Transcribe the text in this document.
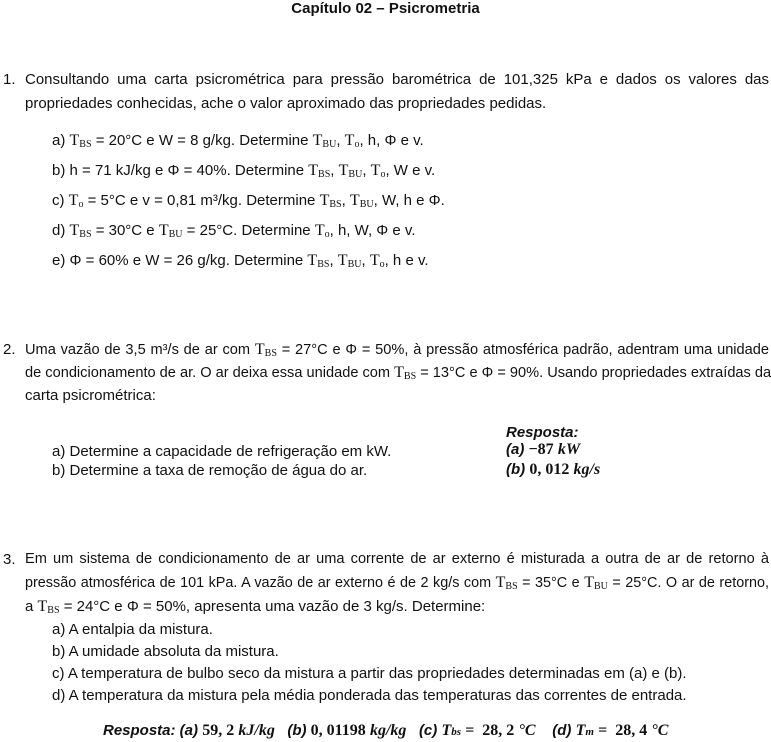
Capítulo 02 – Psicrometria
1. Consultando uma carta psicrométrica para pressão barométrica de 101,325 kPa e dados os valores das
propriedades conhecidas, ache o valor aproximado das propriedades pedidas.
a) $T_{BS} = 20^\circ C$ e W = 8 g/kg. Determine $T_{BU}$, $T_o$, h, Φ e v.
b) h = 71 kJ/kg e Φ = 40%. Determine $T_{BS}$, $T_{BU}$, $T_o$, W e v.
c) $T_o = 5^\circ C$ e v = 0,81 m³/kg. Determine $T_{BS}$, $T_{BU}$, W, h e Φ.
d) $T_{BS} = 30^\circ C$ e $T_{BU} = 25^\circ C$. Determine $T_o$, h, W, Φ e v.
e) Φ = 60% e W = 26 g/kg. Determine $T_{BS}$, $T_{BU}$, $T_o$, h e v.
2. Uma vazão de 3,5 m³/s de ar com $T_{BS} = 27^\circ C$ e Φ = 50%, à pressão atmosférica padrão, adentram uma unidade
de condicionamento de ar. O ar deixa essa unidade com $T_{BS} = 13^\circ C$ e Φ = 90%. Usando propriedades extraídas da
carta psicrométrica:
Resposta:
a) Determine a capacidade de refrigeração em kW.
b) Determine a taxa de remoção de água do ar.
(a) −87 kW
(b) 0, 012 kg/s
3. Em um sistema de condicionamento de ar uma corrente de ar externo é misturada a outra de ar de retorno à
pressão atmosférica de 101 kPa. A vazão de ar externo é de 2 kg/s com $T_{BS} = 35^\circ C$ e $T_{BU} = 25^\circ C$. O ar de retorno,
a $T_{BS} = 24^\circ C$ e Φ = 50%, apresenta uma vazão de 3 kg/s. Determine:
a) A entalpia da mistura.
b) A umidade absoluta da mistura.
c) A temperatura de bulbo seco da mistura a partir das propriedades determinadas em (a) e (b).
d) A temperatura da mistura pela média ponderada das temperaturas das correntes de entrada.
Resposta: (a) 59, 2 kJ/kg (b) 0, 01198 kg/kg (c) Tbs =  28, 2 °C (d) Tm =  28, 4 °C
